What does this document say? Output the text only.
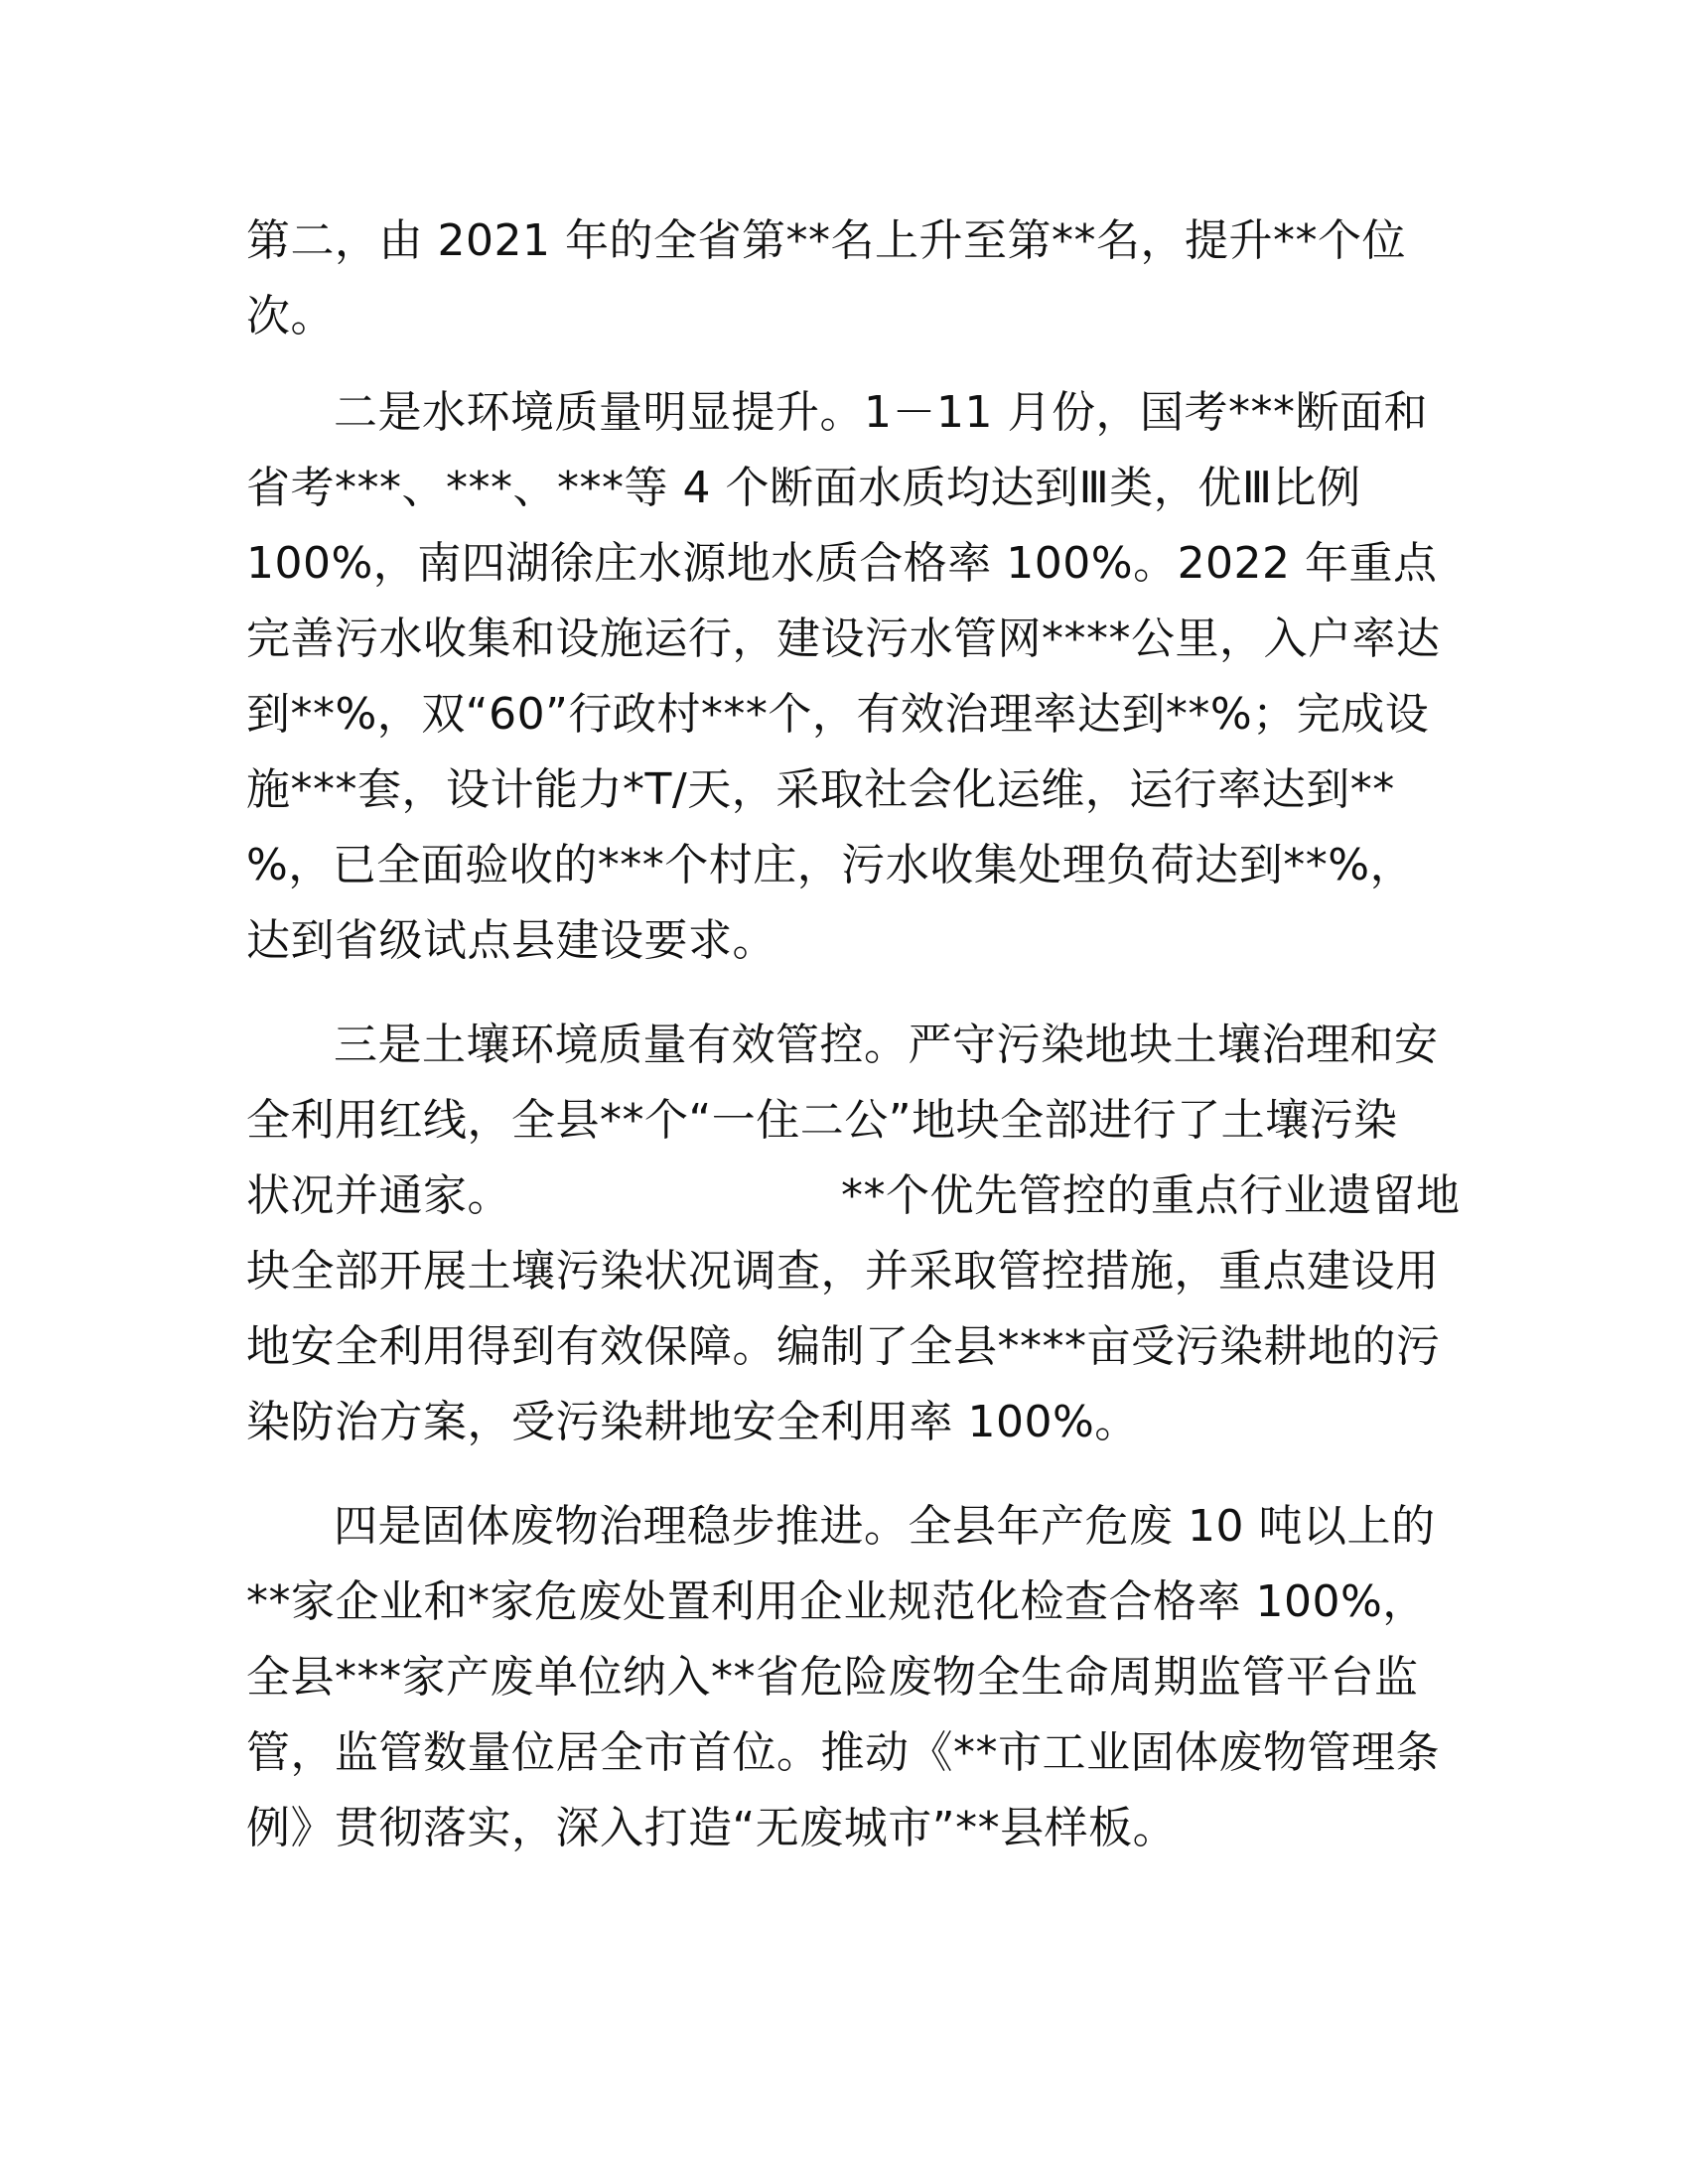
第二，由 2021 年的全省第**名上升至第**名，提升**个位
次。
二是水环境质量明显提升。1－11 月份，国考***断面和
省考***、***、***等 4 个断面水质均达到Ⅲ类，优Ⅲ比例
100%，南四湖徐庄水源地水质合格率 100%。2022 年重点
完善污水收集和设施运行，建设污水管网****公里，入户率达
到**%，双“60”行政村***个，有效治理率达到**%；完成设
施***套，设计能力*T/天，采取社会化运维，运行率达到**
%，已全面验收的***个村庄，污水收集处理负荷达到**%，
达到省级试点县建设要求。
三是土壤环境质量有效管控。严守污染地块土壤治理和安
全利用红线，全县**个“一住二公”地块全部进行了土壤污染
状况并通家。	**个优先管控的重点行业遗留地
块全部开展土壤污染状况调查，并采取管控措施，重点建设用
地安全利用得到有效保障。编制了全县****亩受污染耕地的污
染防治方案，受污染耕地安全利用率 100%。
四是固体废物治理稳步推进。全县年产危废 10 吨以上的
**家企业和*家危废处置利用企业规范化检查合格率 100%，
全县***家产废单位纳入**省危险废物全生命周期监管平台监
管，监管数量位居全市首位。推动《**市工业固体废物管理条
例》贯彻落实，深入打造“无废城市”**县样板。
